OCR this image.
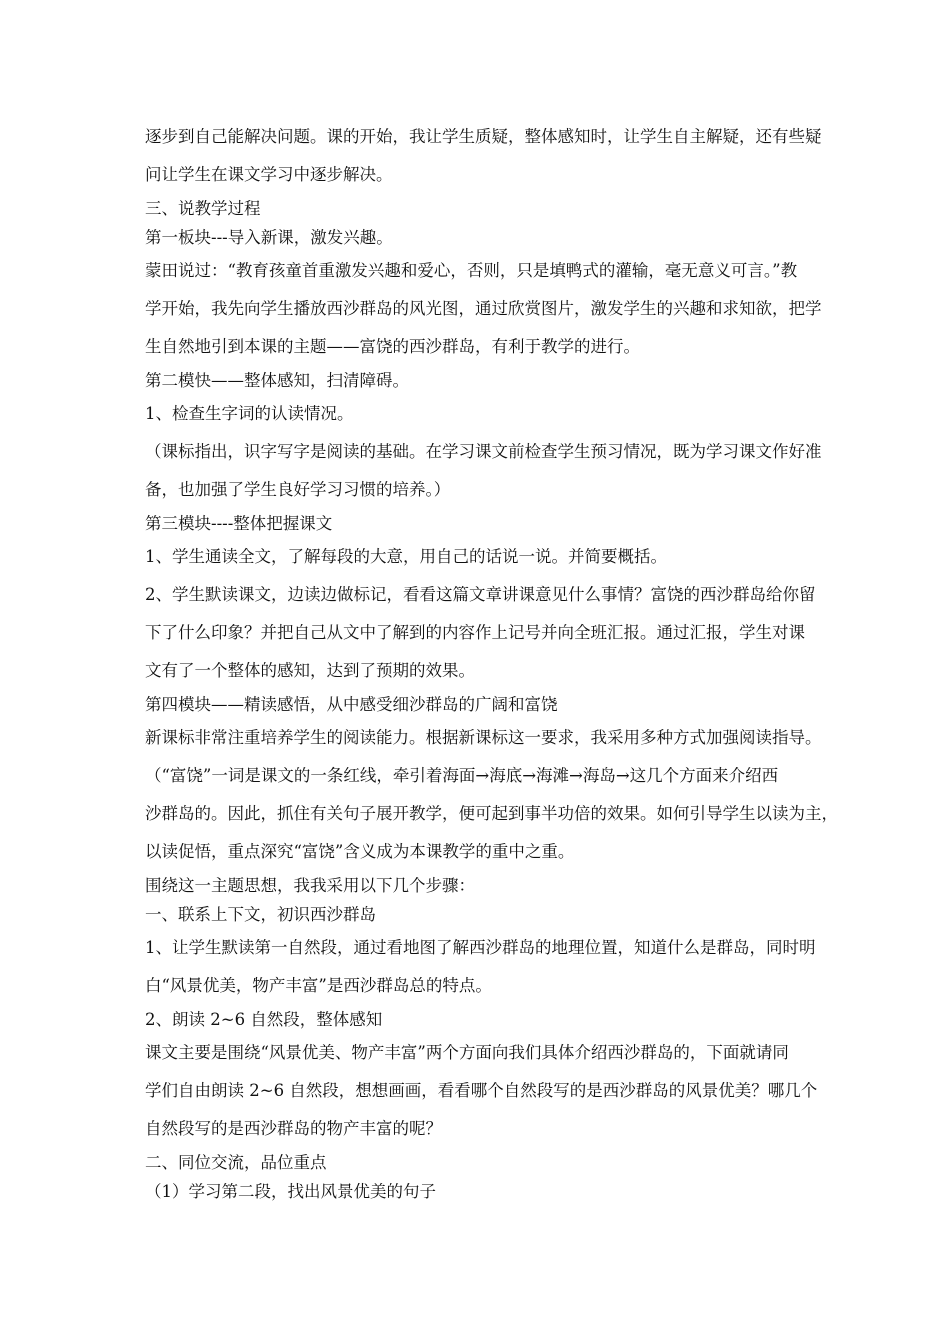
逐步到自己能解决问题。课的开始，我让学生质疑，整体感知时，让学生自主解疑，还有些疑
问让学生在课文学习中逐步解决。
三、说教学过程
第一板块---导入新课，激发兴趣。
蒙田说过：“教育孩童首重激发兴趣和爱心，否则，只是填鸭式的灌输，毫无意义可言。”教
学开始，我先向学生播放西沙群岛的风光图，通过欣赏图片，激发学生的兴趣和求知欲，把学
生自然地引到本课的主题——富饶的西沙群岛，有利于教学的进行。
第二模快——整体感知，扫清障碍。
1、检查生字词的认读情况。
（课标指出，识字写字是阅读的基础。在学习课文前检查学生预习情况，既为学习课文作好准
备，也加强了学生良好学习习惯的培养。）
第三模块----整体把握课文
1、学生通读全文，了解每段的大意，用自己的话说一说。并简要概括。
2、学生默读课文，边读边做标记，看看这篇文章讲课意见什么事情？富饶的西沙群岛给你留
下了什么印象？并把自己从文中了解到的内容作上记号并向全班汇报。通过汇报，学生对课
文有了一个整体的感知，达到了预期的效果。
第四模块——精读感悟，从中感受细沙群岛的广阔和富饶
新课标非常注重培养学生的阅读能力。根据新课标这一要求，我采用多种方式加强阅读指导。
（“富饶”一词是课文的一条红线，牵引着海面→海底→海滩→海岛→这几个方面来介绍西
沙群岛的。因此，抓住有关句子展开教学，便可起到事半功倍的效果。如何引导学生以读为主，
以读促悟，重点深究“富饶”含义成为本课教学的重中之重。
围绕这一主题思想，我我采用以下几个步骤：
一、联系上下文，初识西沙群岛
1、让学生默读第一自然段，通过看地图了解西沙群岛的地理位置，知道什么是群岛，同时明
白“风景优美，物产丰富”是西沙群岛总的特点。
2、朗读 2~6 自然段，整体感知
课文主要是围绕“风景优美、物产丰富”两个方面向我们具体介绍西沙群岛的，下面就请同
学们自由朗读 2~6 自然段，想想画画，看看哪个自然段写的是西沙群岛的风景优美？哪几个
自然段写的是西沙群岛的物产丰富的呢？
二、同位交流，品位重点
（1）学习第二段，找出风景优美的句子
